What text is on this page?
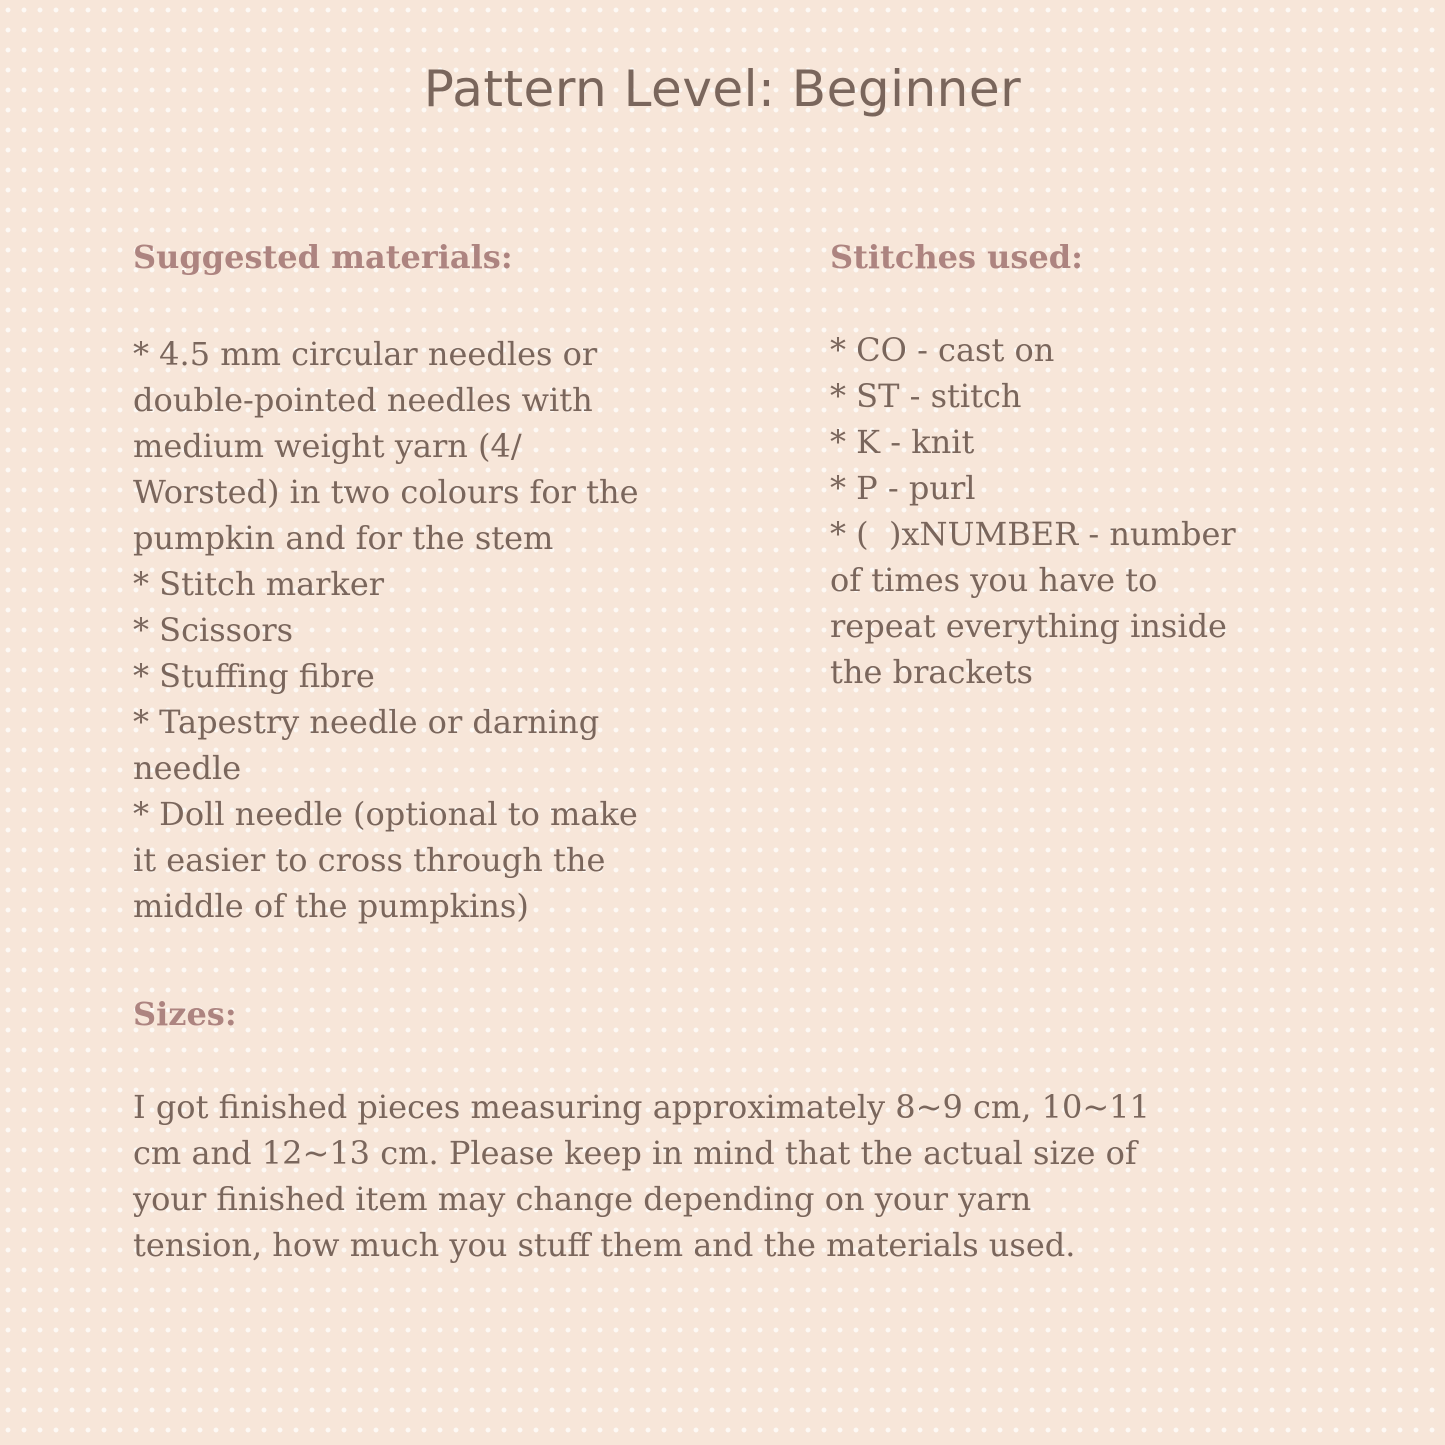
Pattern Level: Beginner
Suggested materials:
* 4.5 mm circular needles or
double-pointed needles with
medium weight yarn (4/
Worsted) in two colours for the
pumpkin and for the stem
* Stitch marker
* Scissors
* Stuffing fibre
* Tapestry needle or darning
needle
* Doll needle (optional to make
it easier to cross through the
middle of the pumpkins)
Stitches used:
* CO - cast on
* ST - stitch
* K - knit
* P - purl
* (  )xNUMBER - number
of times you have to
repeat everything inside
the brackets
Sizes:
I got finished pieces measuring approximately 8~9 cm, 10~11
cm and 12~13 cm. Please keep in mind that the actual size of
your finished item may change depending on your yarn
tension, how much you stuff them and the materials used.
